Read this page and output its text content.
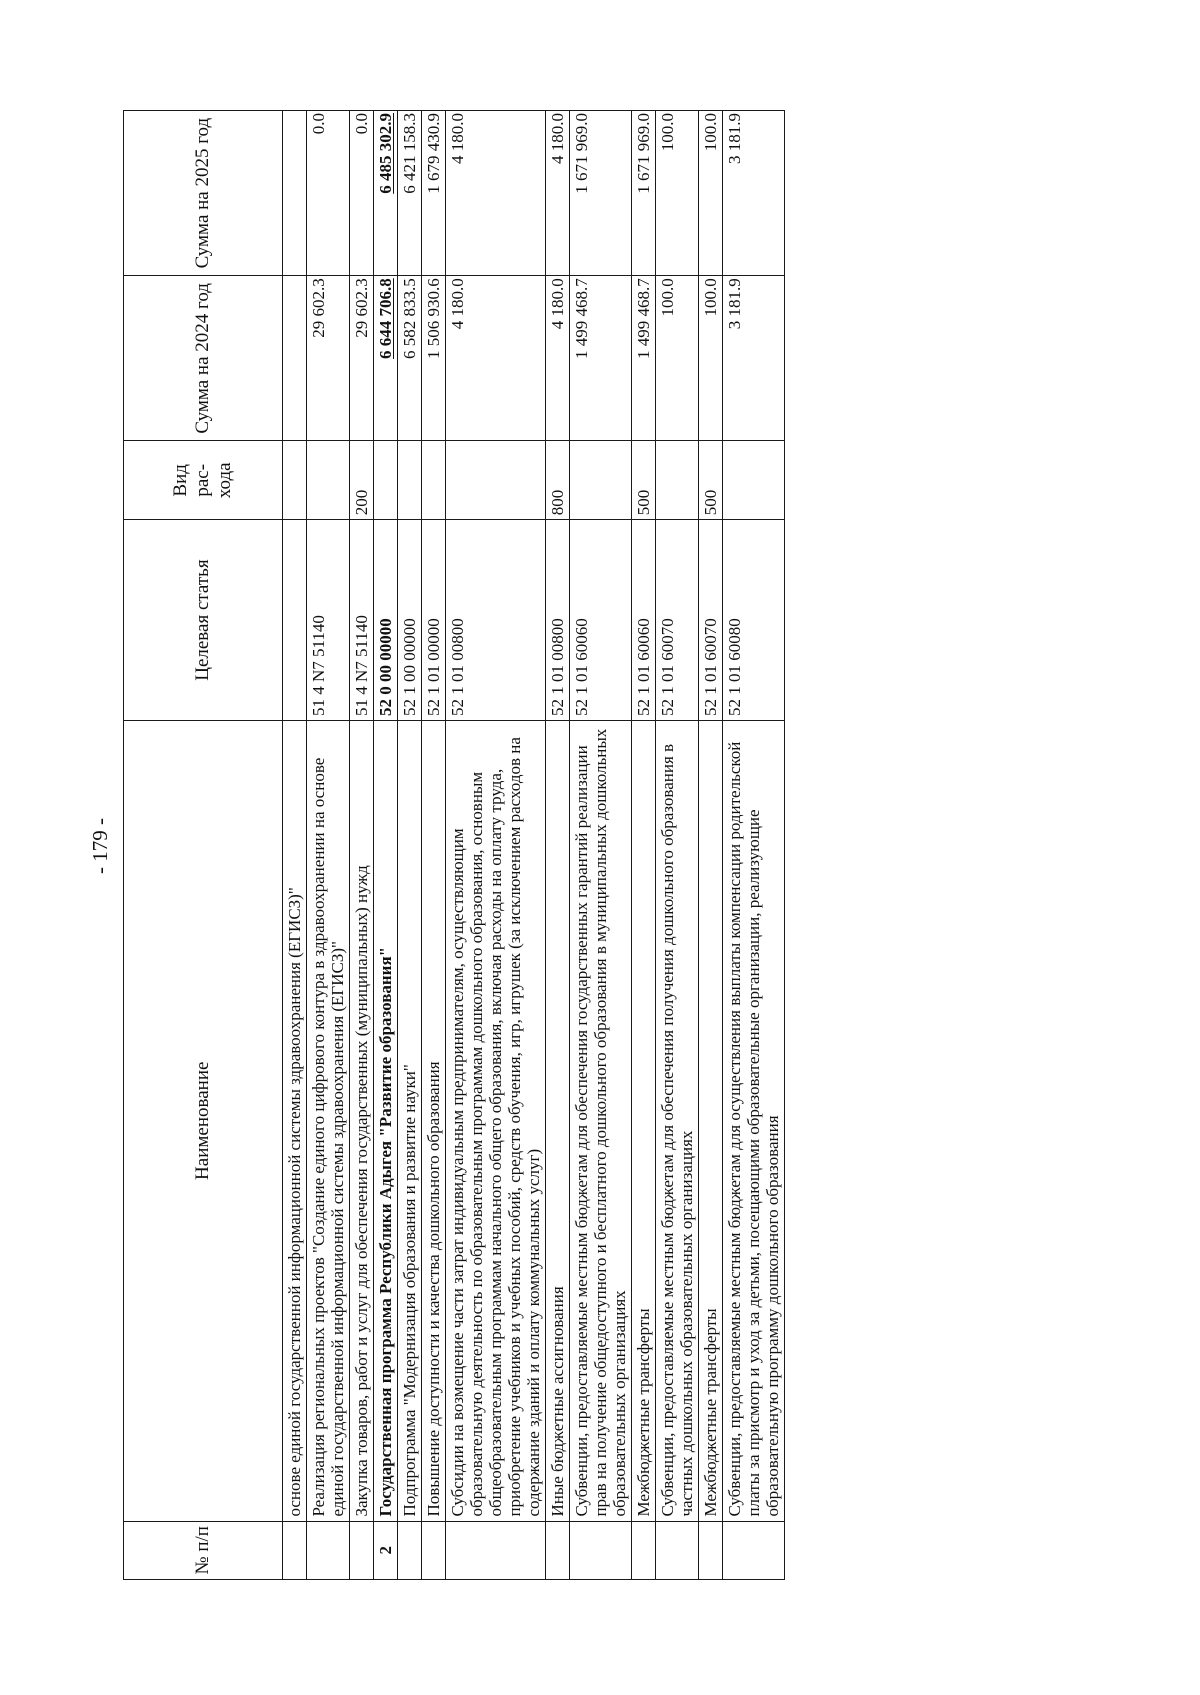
- 179 -
№ п/п	Наименование	Целевая статья	Вид рас- хода	Сумма на 2024 год	Сумма на 2025 год
	основе единой государственной информационной системы здравоохранения (ЕГИСЗ)"				
	Реализация региональных проектов "Создание единого цифрового контура в здравоохранении на основе единой государственной информационной системы здравоохранения (ЕГИСЗ)"	51 4 N7 51140		29 602.3	0.0
	Закупка товаров, работ и услуг для обеспечения государственных (муниципальных) нужд	51 4 N7 51140	200	29 602.3	0.0
2	Государственная программа Республики Адыгея "Развитие образования"	52 0 00 00000		6 644 706.8	6 485 302.9
	Подпрограмма "Модернизация образования и развитие науки"	52 1 00 00000		6 582 833.5	6 421 158.3
	Повышение доступности и качества дошкольного образования	52 1 01 00000		1 506 930.6	1 679 430.9
	Субсидии на возмещение части затрат индивидуальным предпринимателям, осуществляющим образовательную деятельность по образовательным программам дошкольного образования, основным общеобразовательным программам начального общего образования, включая расходы на оплату труда, приобретение учебников и учебных пособий, средств обучения, игр, игрушек (за исключением расходов на содержание зданий и оплату коммунальных услуг)	52 1 01 00800		4 180.0	4 180.0
	Иные бюджетные ассигнования	52 1 01 00800	800	4 180.0	4 180.0
	Субвенции, предоставляемые местным бюджетам для обеспечения государственных гарантий реализации прав на получение общедоступного и бесплатного дошкольного образования в муниципальных дошкольных образовательных организациях	52 1 01 60060		1 499 468.7	1 671 969.0
	Межбюджетные трансферты	52 1 01 60060	500	1 499 468.7	1 671 969.0
	Субвенции, предоставляемые местным бюджетам для обеспечения получения дошкольного образования в частных дошкольных образовательных организациях	52 1 01 60070		100.0	100.0
	Межбюджетные трансферты	52 1 01 60070	500	100.0	100.0
	Субвенции, предоставляемые местным бюджетам для осуществления выплаты компенсации родительской платы за присмотр и уход за детьми, посещающими образовательные организации, реализующие образовательную программу дошкольного образования	52 1 01 60080		3 181.9	3 181.9
